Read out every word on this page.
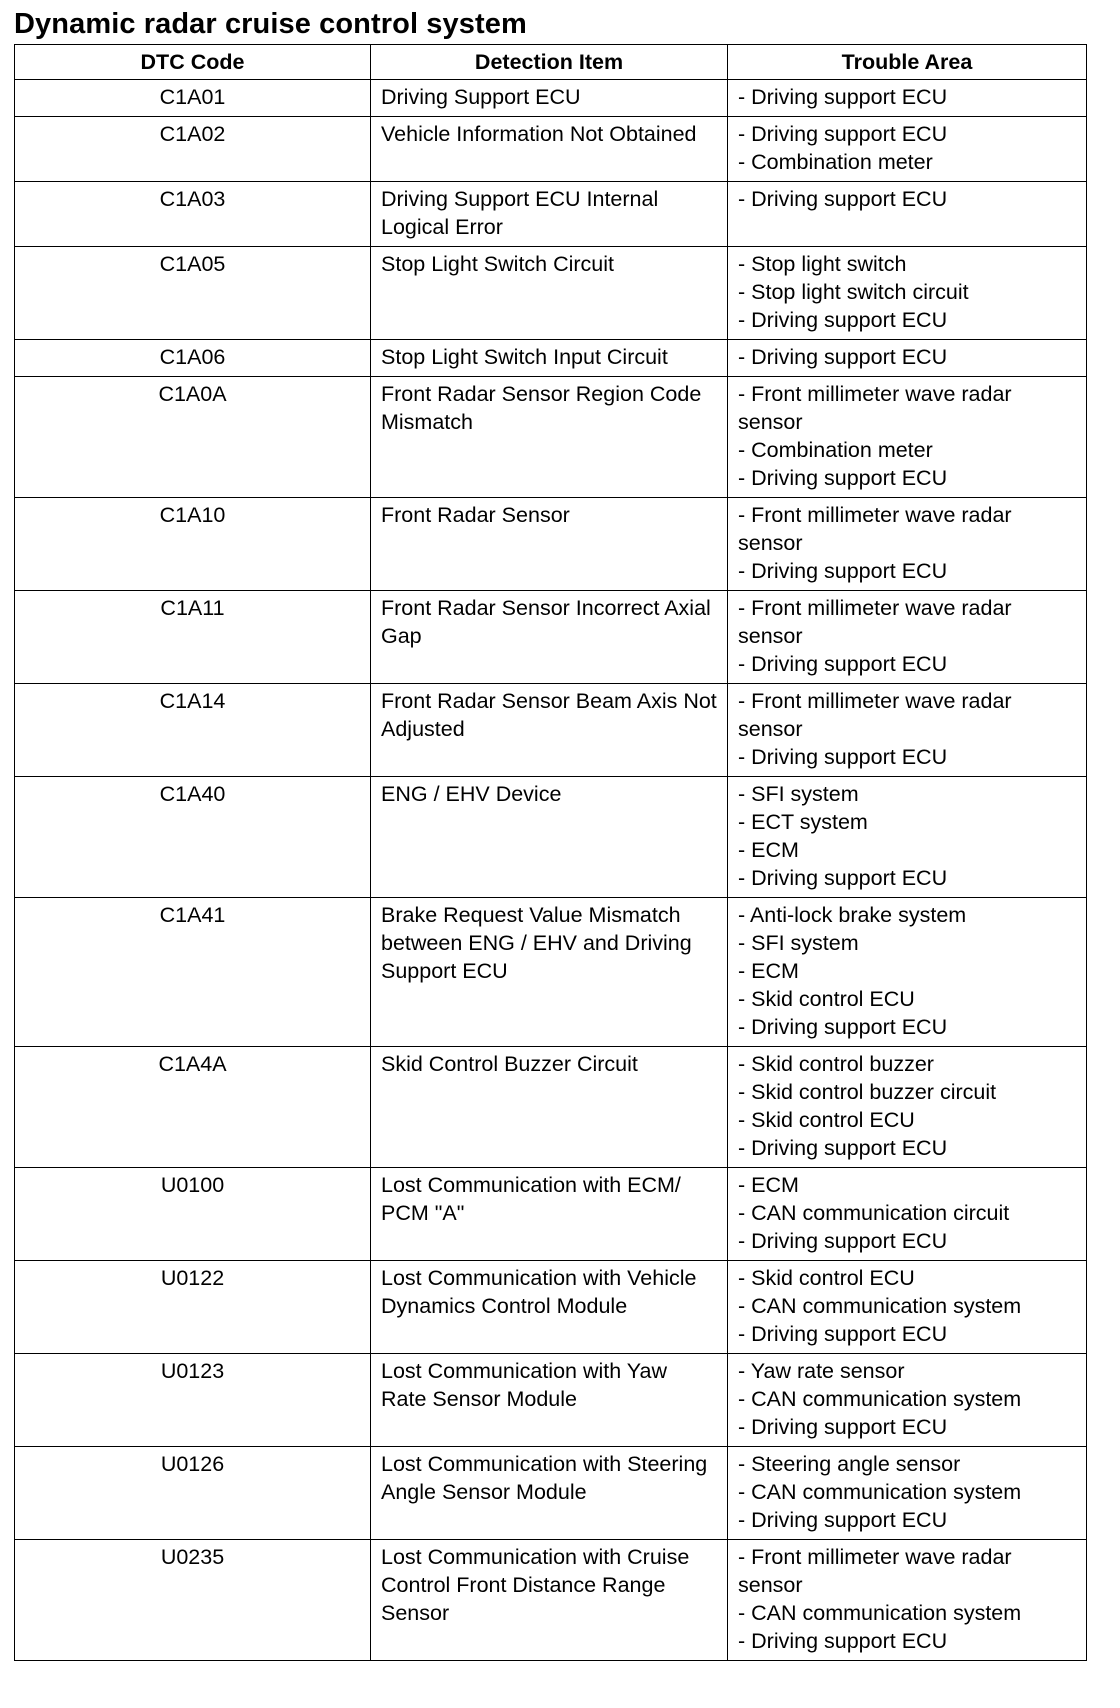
Dynamic radar cruise control system
DTC Code	Detection Item	Trouble Area
C1A01	Driving Support ECU	- Driving support ECU

C1A02	Vehicle Information Not Obtained	- Driving support ECU
- Combination meter

C1A03	Driving Support ECU Internal Logical Error	- Driving support ECU

C1A05	Stop Light Switch Circuit	- Stop light switch
- Stop light switch circuit
- Driving support ECU

C1A06	Stop Light Switch Input Circuit	- Driving support ECU

C1A0A	Front Radar Sensor Region Code Mismatch	- Front millimeter wave radar sensor
- Combination meter
- Driving support ECU

C1A10	Front Radar Sensor	- Front millimeter wave radar sensor
- Driving support ECU

C1A11	Front Radar Sensor Incorrect Axial Gap	- Front millimeter wave radar sensor
- Driving support ECU

C1A14	Front Radar Sensor Beam Axis Not Adjusted	- Front millimeter wave radar sensor
- Driving support ECU

C1A40	ENG / EHV Device	- SFI system
- ECT system
- ECM
- Driving support ECU

C1A41	Brake Request Value Mismatch between ENG / EHV and Driving Support ECU	- Anti-lock brake system
- SFI system
- ECM
- Skid control ECU
- Driving support ECU

C1A4A	Skid Control Buzzer Circuit	- Skid control buzzer
- Skid control buzzer circuit
- Skid control ECU
- Driving support ECU

U0100	Lost Communication with ECM/ PCM "A"	- ECM
- CAN communication circuit
- Driving support ECU

U0122	Lost Communication with Vehicle Dynamics Control Module	- Skid control ECU
- CAN communication system
- Driving support ECU

U0123	Lost Communication with Yaw Rate Sensor Module	- Yaw rate sensor
- CAN communication system
- Driving support ECU

U0126	Lost Communication with Steering Angle Sensor Module	- Steering angle sensor
- CAN communication system
- Driving support ECU

U0235	Lost Communication with Cruise Control Front Distance Range Sensor	- Front millimeter wave radar sensor
- CAN communication system
- Driving support ECU
